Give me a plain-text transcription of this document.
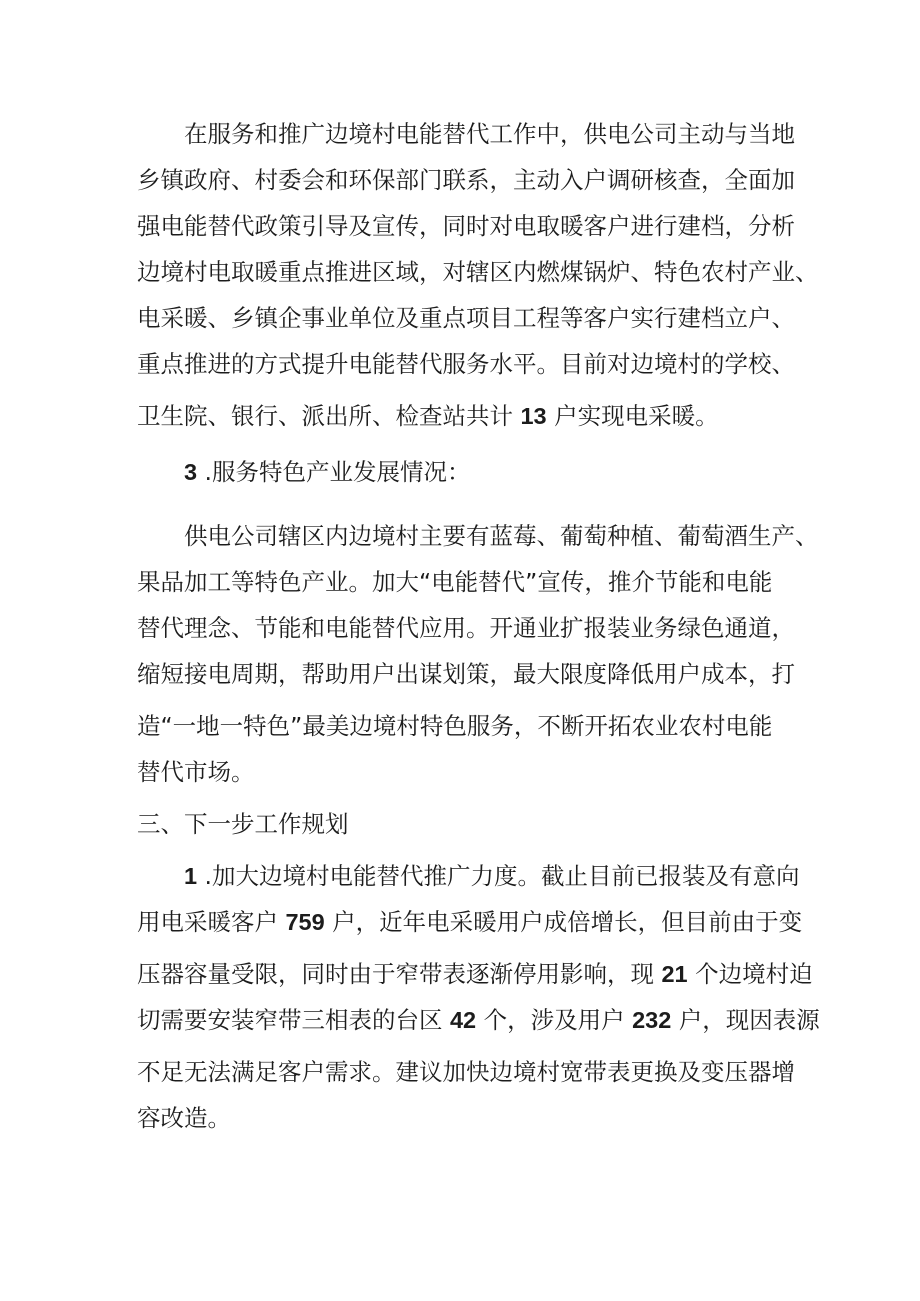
在服务和推广边境村电能替代工作中，供电公司主动与当地
乡镇政府、村委会和环保部门联系，主动入户调研核查，全面加
强电能替代政策引导及宣传，同时对电取暖客户进行建档，分析
边境村电取暖重点推进区域，对辖区内燃煤锅炉、特色农村产业、
电采暖、乡镇企事业单位及重点项目工程等客户实行建档立户、
重点推进的方式提升电能替代服务水平。目前对边境村的学校、
卫生院、银行、派出所、检查站共计 13 户实现电采暖。
3 .服务特色产业发展情况：
供电公司辖区内边境村主要有蓝莓、葡萄种植、葡萄酒生产、
果品加工等特色产业。加大“电能替代”宣传，推介节能和电能
替代理念、节能和电能替代应用。开通业扩报装业务绿色通道，
缩短接电周期，帮助用户出谋划策，最大限度降低用户成本，打
造“一地一特色”最美边境村特色服务，不断开拓农业农村电能
替代市场。
三、下一步工作规划
1 .加大边境村电能替代推广力度。截止目前已报装及有意向
用电采暖客户 759 户，近年电采暖用户成倍增长，但目前由于变
压器容量受限，同时由于窄带表逐渐停用影响，现 21 个边境村迫
切需要安装窄带三相表的台区 42 个，涉及用户 232 户，现因表源
不足无法满足客户需求。建议加快边境村宽带表更换及变压器增
容改造。
